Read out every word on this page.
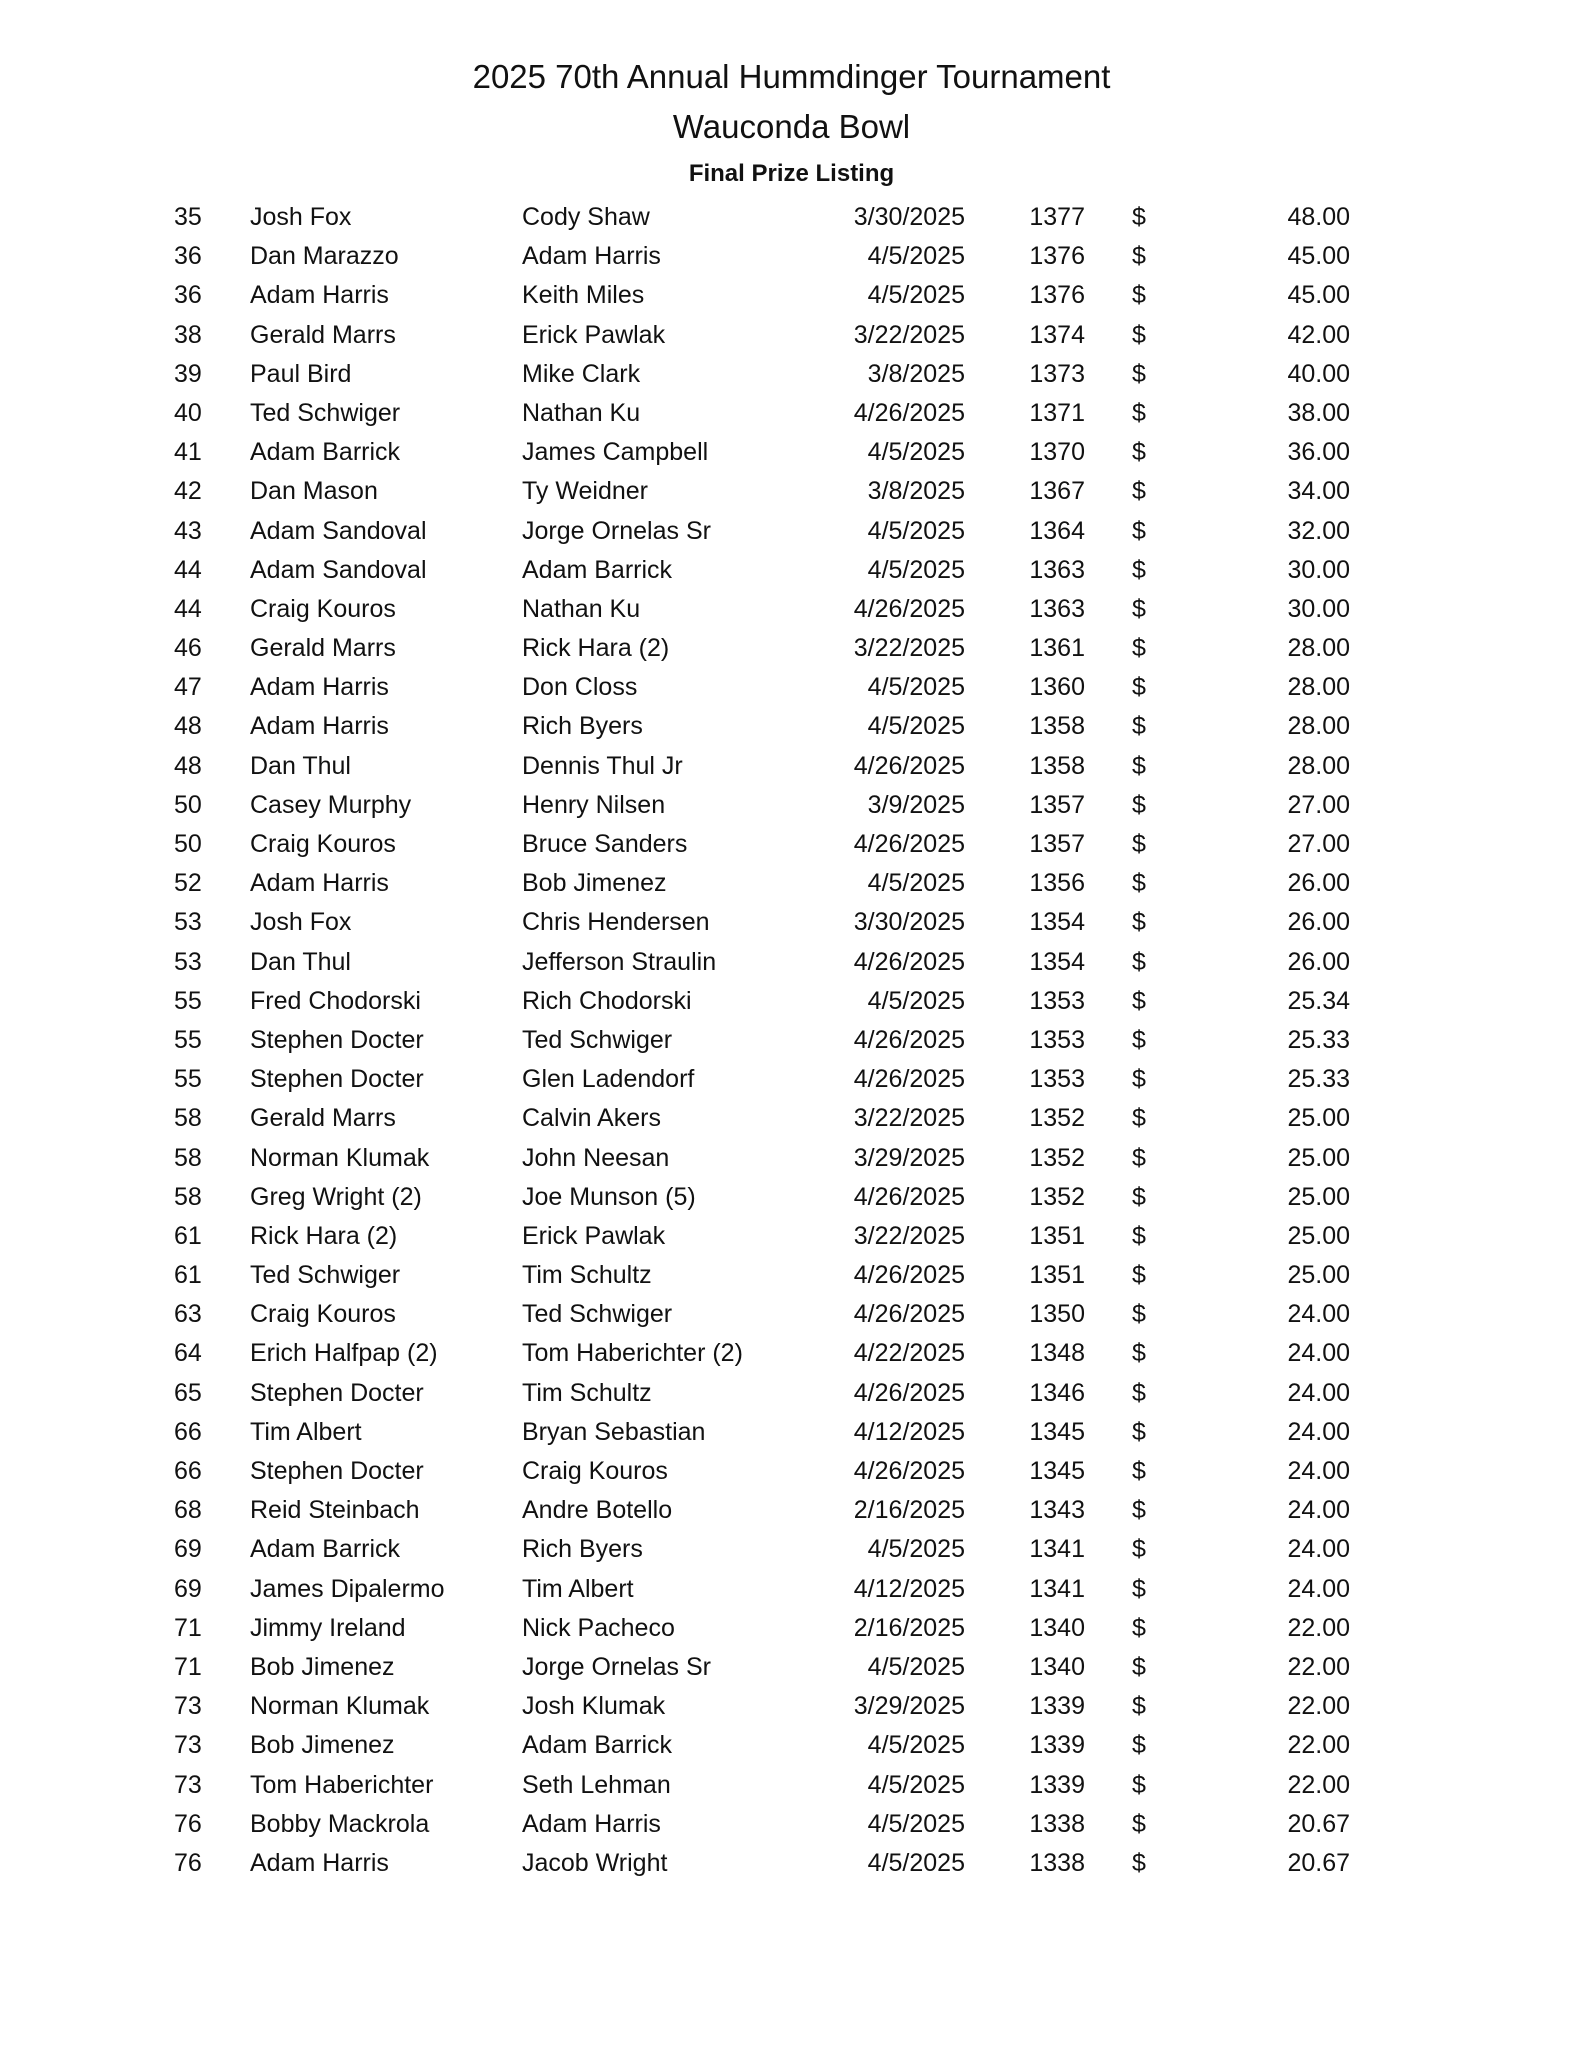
2025 70th Annual Hummdinger Tournament
Wauconda Bowl
Final Prize Listing
35	Josh Fox	Cody Shaw	3/30/2025	1377 $	48.00
36	Dan Marazzo	Adam Harris	4/5/2025	1376 $	45.00
36	Adam Harris	Keith Miles	4/5/2025	1376 $	45.00
38	Gerald Marrs	Erick Pawlak	3/22/2025	1374 $	42.00
39	Paul Bird	Mike Clark	3/8/2025	1373 $	40.00
40	Ted Schwiger	Nathan Ku	4/26/2025	1371 $	38.00
41	Adam Barrick	James Campbell	4/5/2025	1370 $	36.00
42	Dan Mason	Ty Weidner	3/8/2025	1367 $	34.00
43	Adam Sandoval	Jorge Ornelas Sr	4/5/2025	1364 $	32.00
44	Adam Sandoval	Adam Barrick	4/5/2025	1363 $	30.00
44	Craig Kouros	Nathan Ku	4/26/2025	1363 $	30.00
46	Gerald Marrs	Rick Hara (2)	3/22/2025	1361 $	28.00
47	Adam Harris	Don Closs	4/5/2025	1360 $	28.00
48	Adam Harris	Rich Byers	4/5/2025	1358 $	28.00
48	Dan Thul	Dennis Thul Jr	4/26/2025	1358 $	28.00
50	Casey Murphy	Henry Nilsen	3/9/2025	1357 $	27.00
50	Craig Kouros	Bruce Sanders	4/26/2025	1357 $	27.00
52	Adam Harris	Bob Jimenez	4/5/2025	1356 $	26.00
53	Josh Fox	Chris Hendersen	3/30/2025	1354 $	26.00
53	Dan Thul	Jefferson Straulin	4/26/2025	1354 $	26.00
55	Fred Chodorski	Rich Chodorski	4/5/2025	1353 $	25.34
55	Stephen Docter	Ted Schwiger	4/26/2025	1353 $	25.33
55	Stephen Docter	Glen Ladendorf	4/26/2025	1353 $	25.33
58	Gerald Marrs	Calvin Akers	3/22/2025	1352 $	25.00
58	Norman Klumak	John Neesan	3/29/2025	1352 $	25.00
58	Greg Wright (2)	Joe Munson (5)	4/26/2025	1352 $	25.00
61	Rick Hara (2)	Erick Pawlak	3/22/2025	1351 $	25.00
61	Ted Schwiger	Tim Schultz	4/26/2025	1351 $	25.00
63	Craig Kouros	Ted Schwiger	4/26/2025	1350 $	24.00
64	Erich Halfpap (2)	Tom Haberichter (2)	4/22/2025	1348 $	24.00
65	Stephen Docter	Tim Schultz	4/26/2025	1346 $	24.00
66	Tim Albert	Bryan Sebastian	4/12/2025	1345 $	24.00
66	Stephen Docter	Craig Kouros	4/26/2025	1345 $	24.00
68	Reid Steinbach	Andre Botello	2/16/2025	1343 $	24.00
69	Adam Barrick	Rich Byers	4/5/2025	1341 $	24.00
69	James Dipalermo	Tim Albert	4/12/2025	1341 $	24.00
71	Jimmy Ireland	Nick Pacheco	2/16/2025	1340 $	22.00
71	Bob Jimenez	Jorge Ornelas Sr	4/5/2025	1340 $	22.00
73	Norman Klumak	Josh Klumak	3/29/2025	1339 $	22.00
73	Bob Jimenez	Adam Barrick	4/5/2025	1339 $	22.00
73	Tom Haberichter	Seth Lehman	4/5/2025	1339 $	22.00
76	Bobby Mackrola	Adam Harris	4/5/2025	1338 $	20.67
76	Adam Harris	Jacob Wright	4/5/2025	1338 $	20.67
